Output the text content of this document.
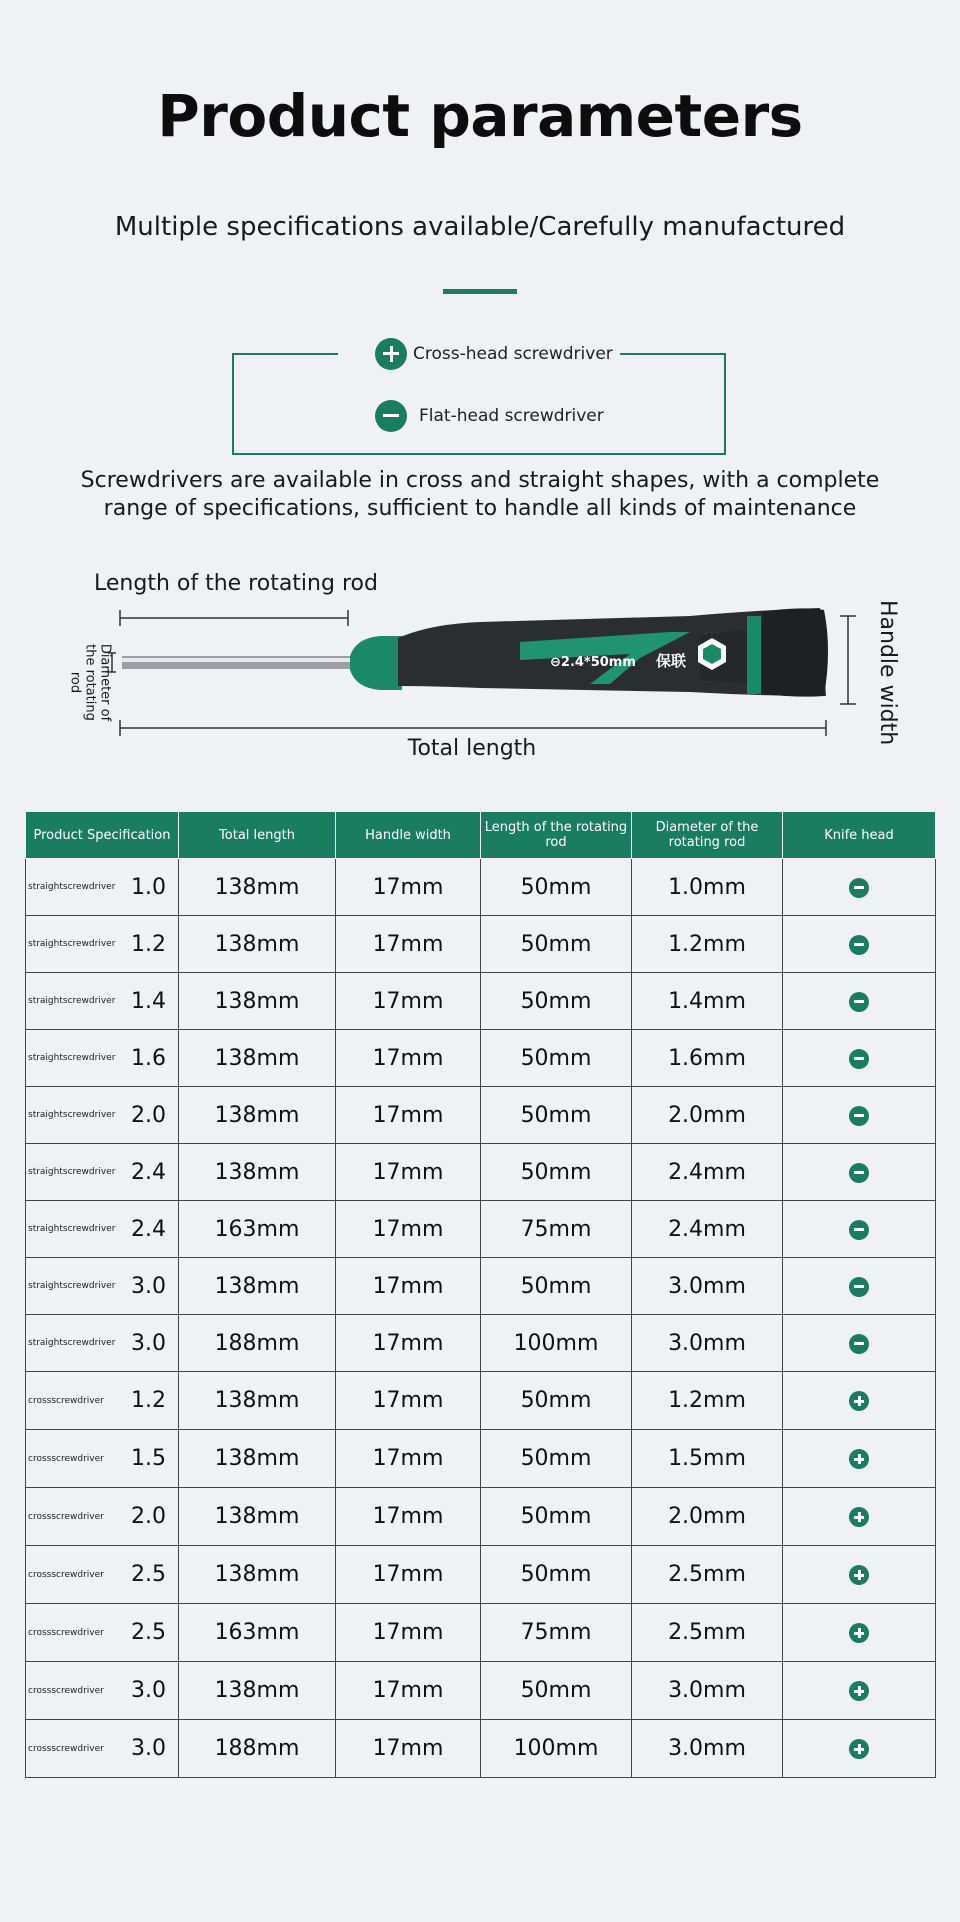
Product parameters
Multiple specifications available/Carefully manufactured
Cross-head screwdriver
Flat-head screwdriver
Screwdrivers are available in cross and straight shapes, with a complete
range of specifications, sufficient to handle all kinds of maintenance
Length of the rotating rod
Diameter of
the rotating rod
⊖2.4*50mm 保联	Handle width
Total length
Product Specification	Total length	Handle width	Length of the rotating rod	Diameter of the rotating rod	Knife head

straightscrewdriver 1.0	138mm	17mm	50mm	1.0mm	

straightscrewdriver 1.2	138mm	17mm	50mm	1.2mm	

straightscrewdriver 1.4	138mm	17mm	50mm	1.4mm	

straightscrewdriver 1.6	138mm	17mm	50mm	1.6mm	

straightscrewdriver 2.0	138mm	17mm	50mm	2.0mm	

straightscrewdriver 2.4	138mm	17mm	50mm	2.4mm	

straightscrewdriver 2.4	163mm	17mm	75mm	2.4mm	

straightscrewdriver 3.0	138mm	17mm	50mm	3.0mm	

straightscrewdriver 3.0	188mm	17mm	100mm	3.0mm	

crossscrewdriver 1.2	138mm	17mm	50mm	1.2mm	

crossscrewdriver 1.5	138mm	17mm	50mm	1.5mm	

crossscrewdriver 2.0	138mm	17mm	50mm	2.0mm	

crossscrewdriver 2.5	138mm	17mm	50mm	2.5mm	

crossscrewdriver 2.5	163mm	17mm	75mm	2.5mm	

crossscrewdriver 3.0	138mm	17mm	50mm	3.0mm	

crossscrewdriver 3.0	188mm	17mm	100mm	3.0mm	
